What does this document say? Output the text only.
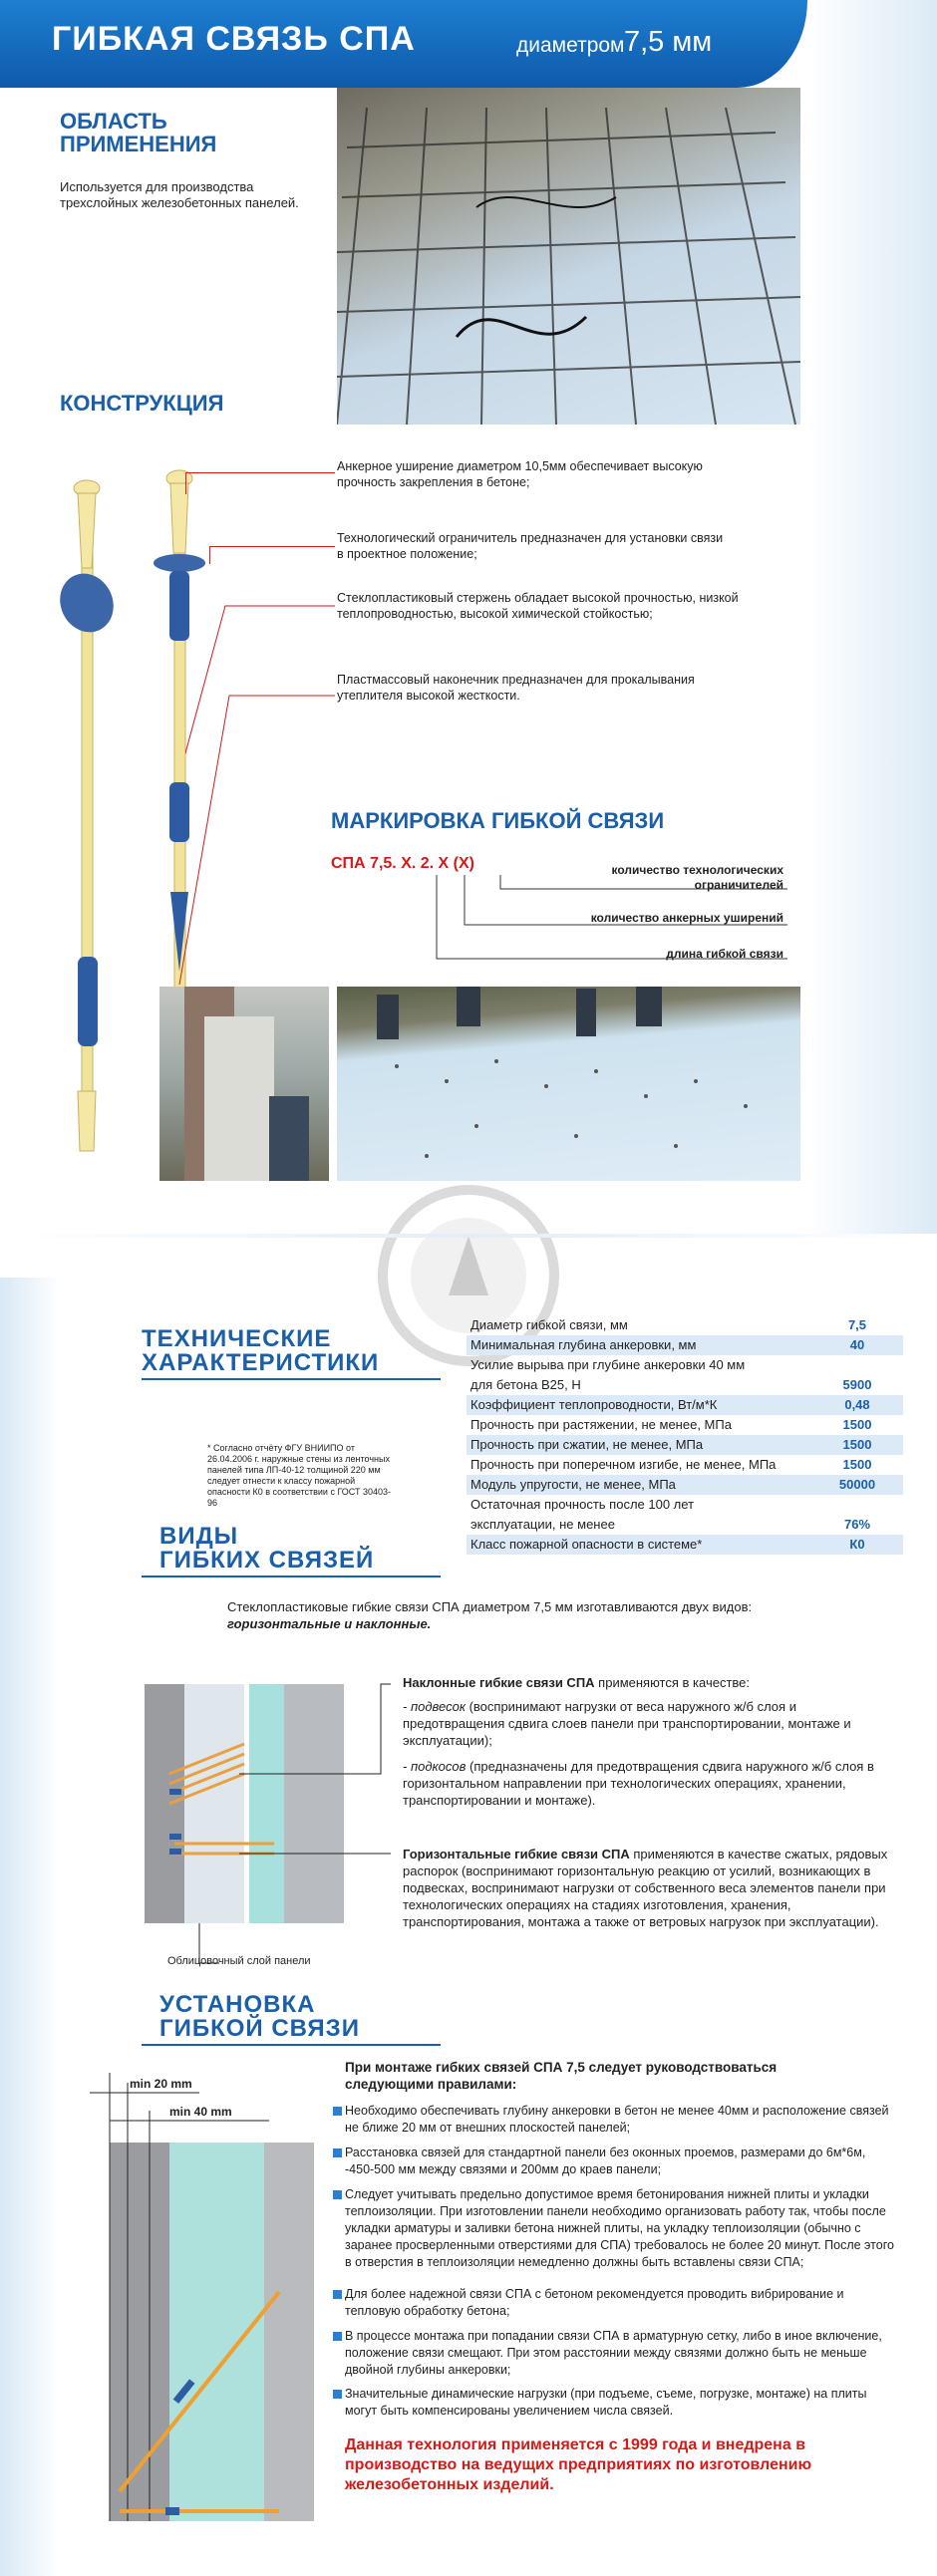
ГИБКАЯ СВЯЗЬ СПА	диаметром 7,5 мм
ОБЛАСТЬ
ПРИМЕНЕНИЯ
Используется для производства трехслойных железобетонных панелей.
КОНСТРУКЦИЯ
Анкерное уширение диаметром 10,5мм обеспечивает высокую прочность закрепления в бетоне;
Технологический ограничитель предназначен для установки связи в проектное положение;
Стеклопластиковый стержень обладает высокой прочностью, низкой теплопроводностью, высокой химической стойкостью;
Пластмассовый наконечник предназначен для прокалывания утеплителя высокой жесткости.
МАРКИРОВКА ГИБКОЙ СВЯЗИ
СПА 7,5. Х. 2. Х (Х)	количество технологических ограничителей
количество анкерных уширений
длина гибкой связи
ТЕХНИЧЕСКИЕ
ХАРАКТЕРИСТИКИ
* Согласно отчёту ФГУ ВНИИПО от 26.04.2006 г. наружные стены из ленточных панелей типа ЛП-40-12 толщиной 220 мм следует отнести к классу пожарной опасности К0 в соответствии с ГОСТ 30403-96
Диаметр гибкой связи, мм	7,5
Минимальная глубина анкеровки, мм	40
Усилие вырыва при глубине анкеровки 40 мм
для бетона В25, Н	5900
Коэффициент теплопроводности, Вт/м*К	0,48
Прочность при растяжении, не менее, МПа	1500
Прочность при сжатии, не менее, МПа	1500
Прочность при поперечном изгибе, не менее, МПа	1500
Модуль упругости, не менее, МПа	50000
Остаточная прочность после 100 лет
эксплуатации, не менее	76%
Класс пожарной опасности в системе*	К0
ВИДЫ
ГИБКИХ СВЯЗЕЙ
Стеклопластиковые гибкие связи СПА диаметром 7,5 мм изготавливаются двух видов: горизонтальные и наклонные.
Облицовочный слой панели
Наклонные гибкие связи СПА применяются в качестве:
- подвесок (воспринимают нагрузки от веса наружного ж/б слоя и предотвращения сдвига слоев панели при транспортировании, монтаже и эксплуатации);
- подкосов (предназначены для предотвращения сдвига наружного ж/б слоя в горизонтальном направлении при технологических операциях, хранении, транспортировании и монтаже).
Горизонтальные гибкие связи СПА применяются в качестве сжатых, рядовых распорок (воспринимают горизонтальную реакцию от усилий, возникающих в подвесках, воспринимают нагрузки от собственного веса элементов панели при технологических операциях на стадиях изготовления, хранения, транспортирования, монтажа а также от ветровых нагрузок при эксплуатации).
УСТАНОВКА
ГИБКОЙ СВЯЗИ
min 20 mm
min 40 mm
При монтаже гибких связей СПА 7,5 следует руководствоваться следующими правилами:
Необходимо обеспечивать глубину анкеровки в бетон не менее 40мм и расположение связей не ближе 20 мм от внешних плоскостей панелей;
Расстановка связей для стандартной панели без оконных проемов, размерами до 6м*6м, -450-500 мм между связями и 200мм до краев панели;
Следует учитывать предельно допустимое время бетонирования нижней плиты и укладки теплоизоляции. При изготовлении панели необходимо организовать работу так, чтобы после укладки арматуры и заливки бетона нижней плиты, на укладку теплоизоляции (обычно с заранее просверленными отверстиями для СПА) требовалось не более 20 минут. После этого в отверстия в теплоизоляции немедленно должны быть вставлены связи СПА;
Для более надежной связи СПА с бетоном рекомендуется проводить вибрирование и тепловую обработку бетона;
В процессе монтажа при попадании связи СПА в арматурную сетку, либо в иное включение, положение связи смещают. При этом расстоянии между связями должно быть не меньше двойной глубины анкеровки;
Значительные динамические нагрузки (при подъеме, съеме, погрузке, монтаже) на плиты могут быть компенсированы увеличением числа связей.
Данная технология применяется с 1999 года и внедрена в производство на ведущих предприятиях по изготовлению железобетонных изделий.
